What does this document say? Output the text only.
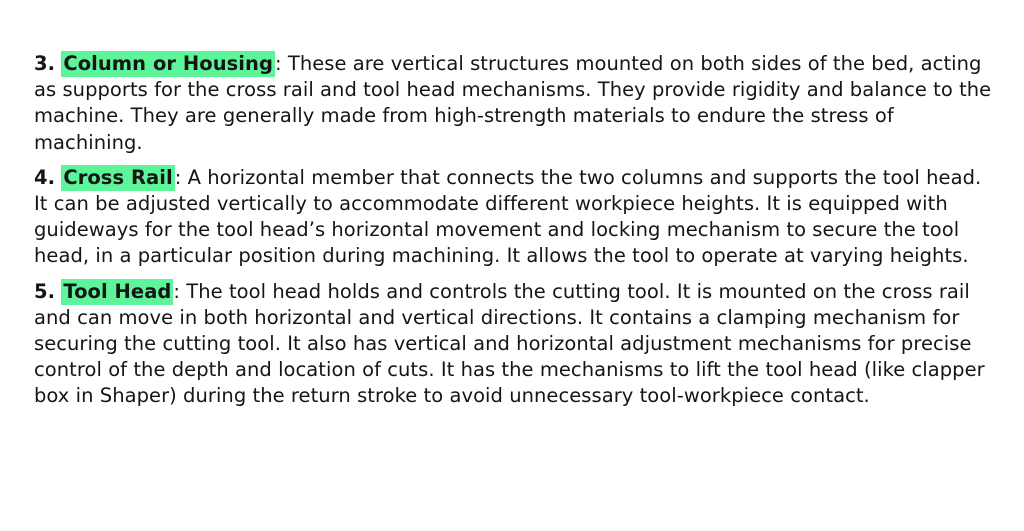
3. Column or Housing : These are vertical structures mounted on both sides of the bed, acting as supports for the cross rail and tool head mechanisms. They provide rigidity and balance to the machine. They are generally made from high-strength materials to endure the stress of machining.

4. Cross Rail : A horizontal member that connects the two columns and supports the tool head. It can be adjusted vertically to accommodate different workpiece heights. It is equipped with guideways for the tool head’s horizontal movement and locking mechanism to secure the tool head, in a particular position during machining. It allows the tool to operate at varying heights.

5. Tool Head : The tool head holds and controls the cutting tool. It is mounted on the cross rail and can move in both horizontal and vertical directions. It contains a clamping mechanism for securing the cutting tool. It also has vertical and horizontal adjustment mechanisms for precise control of the depth and location of cuts. It has the mechanisms to lift the tool head (like clapper box in Shaper) during the return stroke to avoid unnecessary tool-workpiece contact.
